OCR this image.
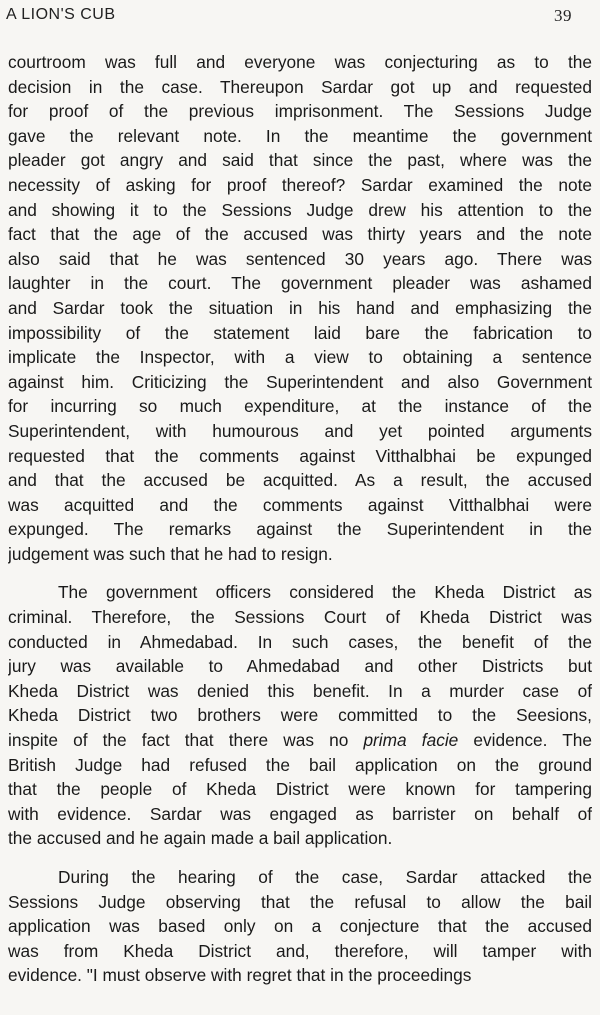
A LION'S CUB	39
courtroom was full and everyone was conjecturing as to the
decision in the case. Thereupon Sardar got up and requested
for proof of the previous imprisonment. The Sessions Judge
gave the relevant note. In the meantime the government
pleader got angry and said that since the past, where was the
necessity of asking for proof thereof? Sardar examined the note
and showing it to the Sessions Judge drew his attention to the
fact that the age of the accused was thirty years and the note
also said that he was sentenced 30 years ago. There was
laughter in the court. The government pleader was ashamed
and Sardar took the situation in his hand and emphasizing the
impossibility of the statement laid bare the fabrication to
implicate the Inspector, with a view to obtaining a sentence
against him. Criticizing the Superintendent and also Government
for incurring so much expenditure, at the instance of the
Superintendent, with humourous and yet pointed arguments
requested that the comments against Vitthalbhai be expunged
and that the accused be acquitted. As a result, the accused
was acquitted and the comments against Vitthalbhai were
expunged. The remarks against the Superintendent in the
judgement was such that he had to resign.
The government officers considered the Kheda District as
criminal. Therefore, the Sessions Court of Kheda District was
conducted in Ahmedabad. In such cases, the benefit of the
jury was available to Ahmedabad and other Districts but
Kheda District was denied this benefit. In a murder case of
Kheda District two brothers were committed to the Seesions,
inspite of the fact that there was no prima facie evidence. The
British Judge had refused the bail application on the ground
that the people of Kheda District were known for tampering
with evidence. Sardar was engaged as barrister on behalf of
the accused and he again made a bail application.
During the hearing of the case, Sardar attacked the
Sessions Judge observing that the refusal to allow the bail
application was based only on a conjecture that the accused
was from Kheda District and, therefore, will tamper with
evidence. "I must observe with regret that in the proceedings
